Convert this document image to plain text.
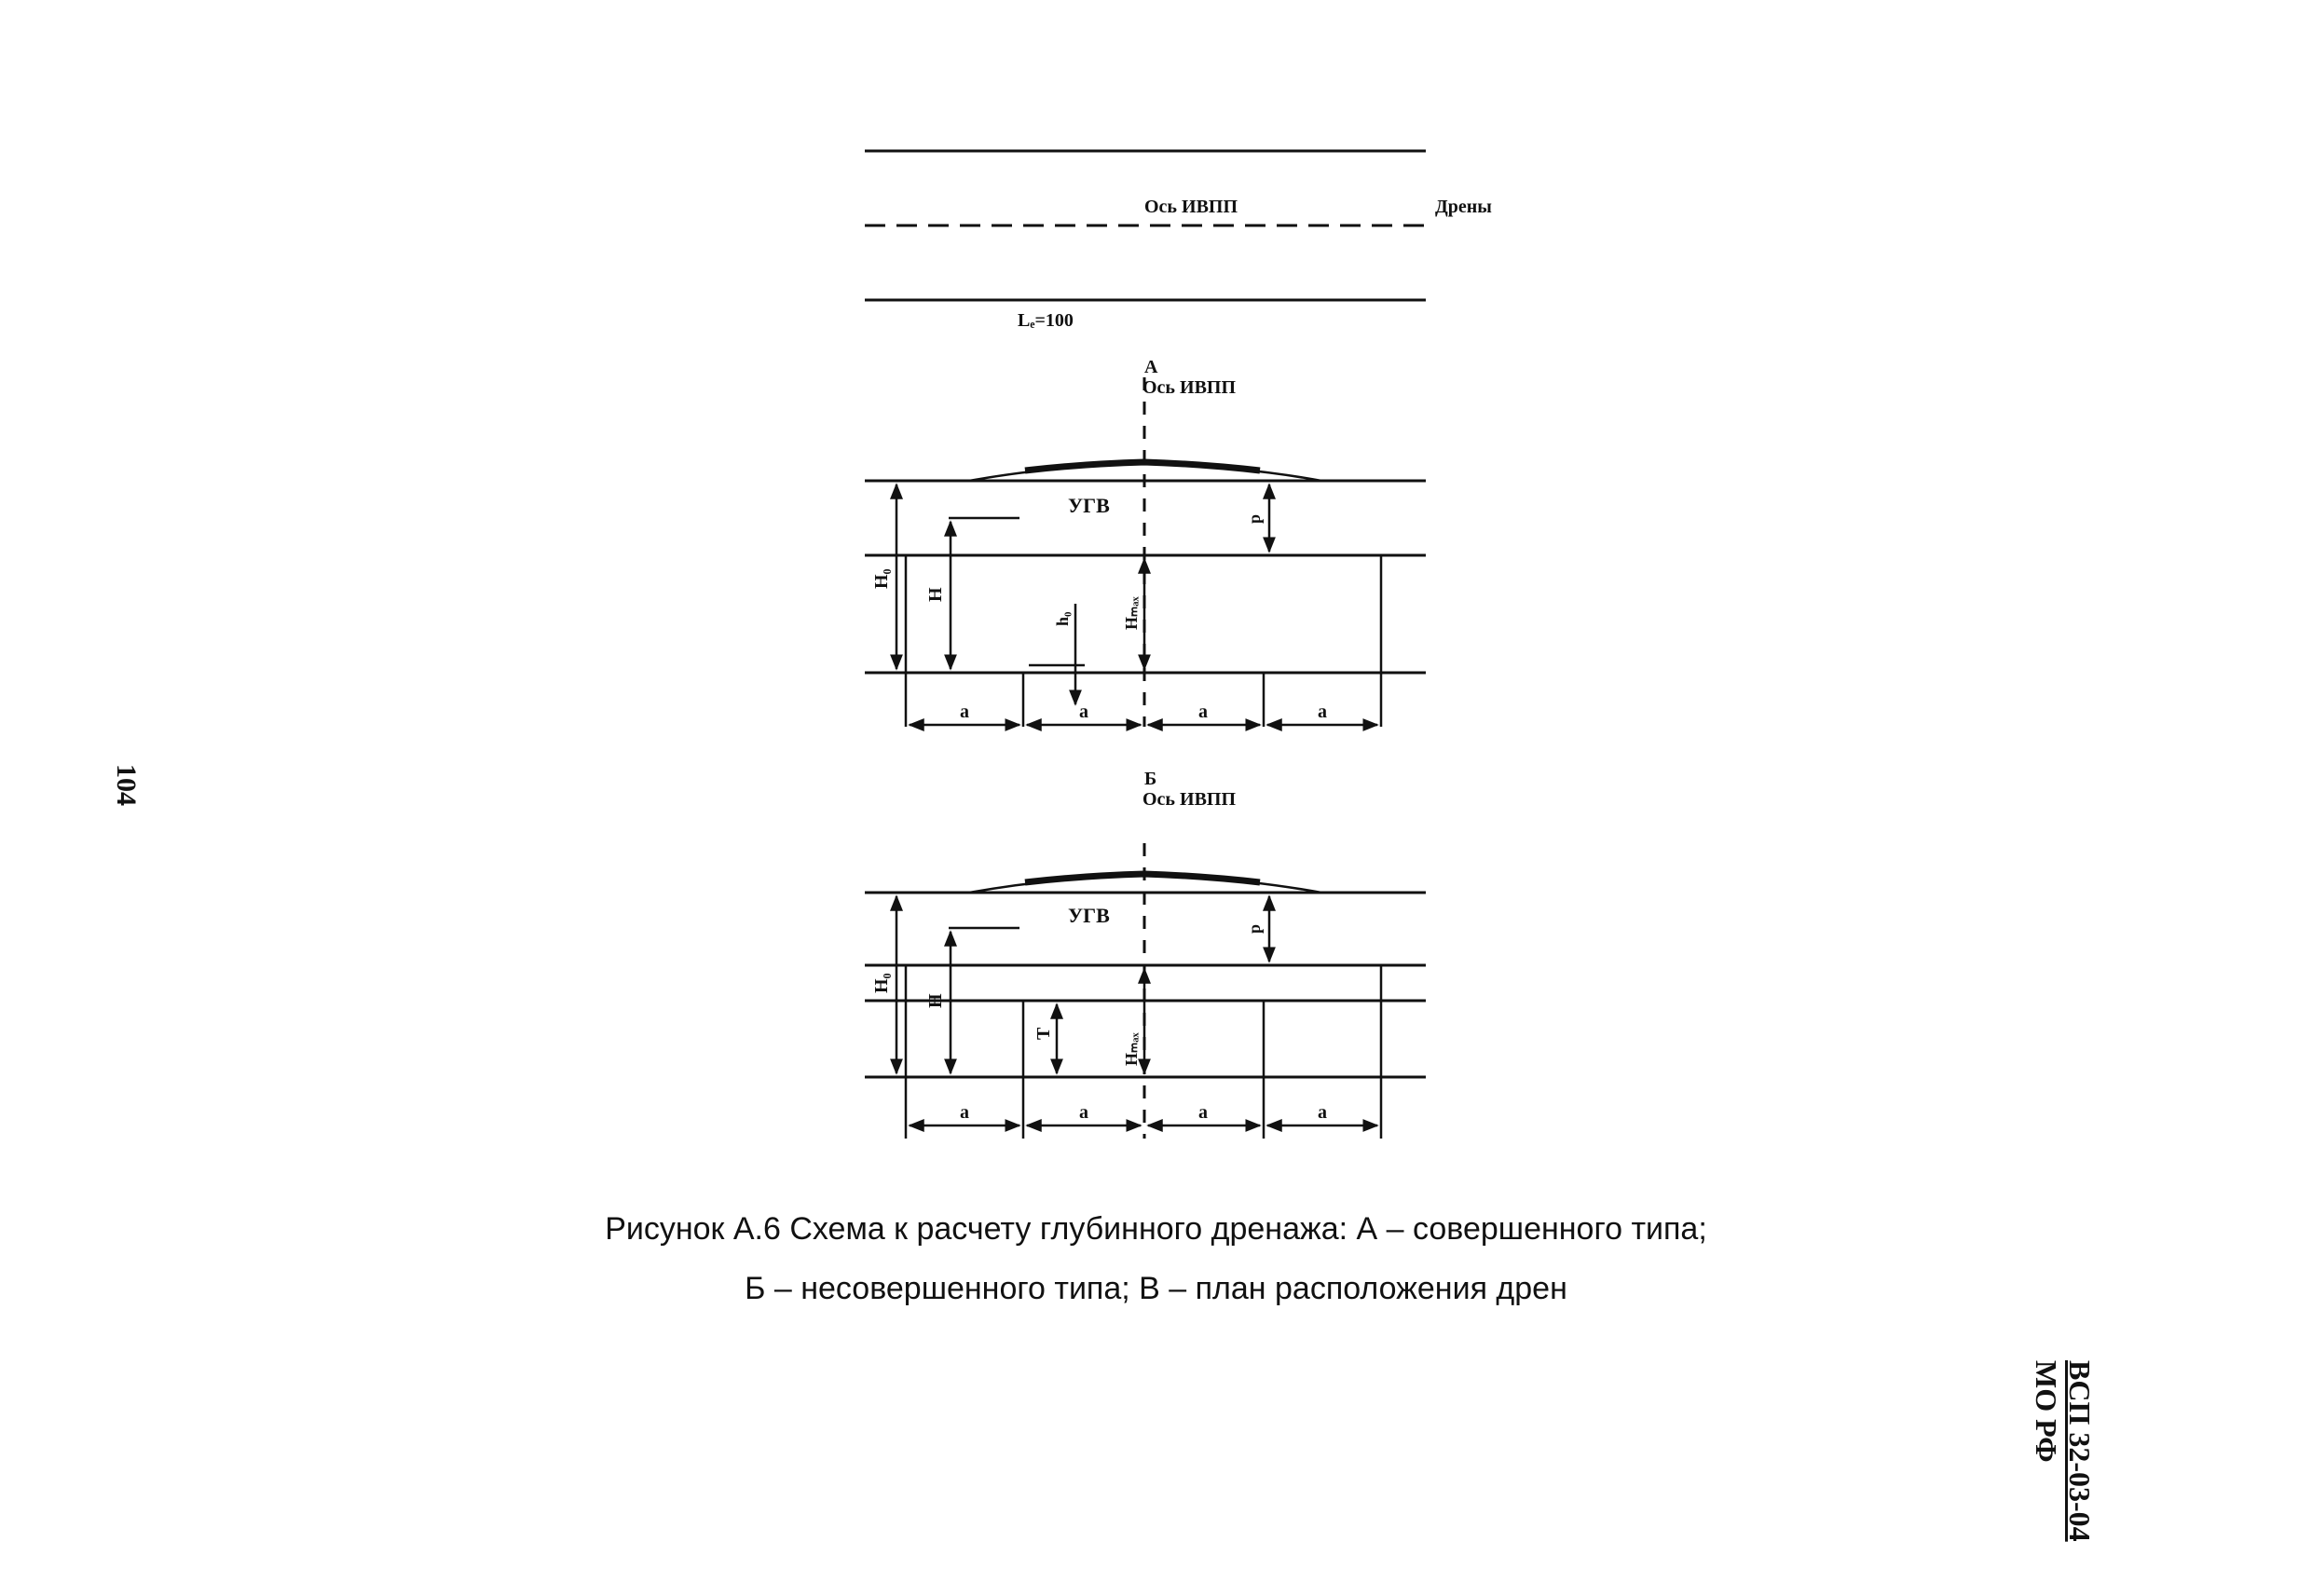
Ось ИВПП	Дрены
Lₑ=100
А
Ось ИВПП
УГВ
H₀
H
h₀	Hₘₐₓ
p
a	a	a	a
Б
Ось ИВПП
УГВ
H₀
H
T	Hₘₐₓ
p
a	a	a	a
Рисунок А.6 Схема к расчету глубинного дренажа: А – совершенного типа;
Б – несовершенного типа; В – план расположения дрен
104
ВСП 32-03-04
МО РФ
